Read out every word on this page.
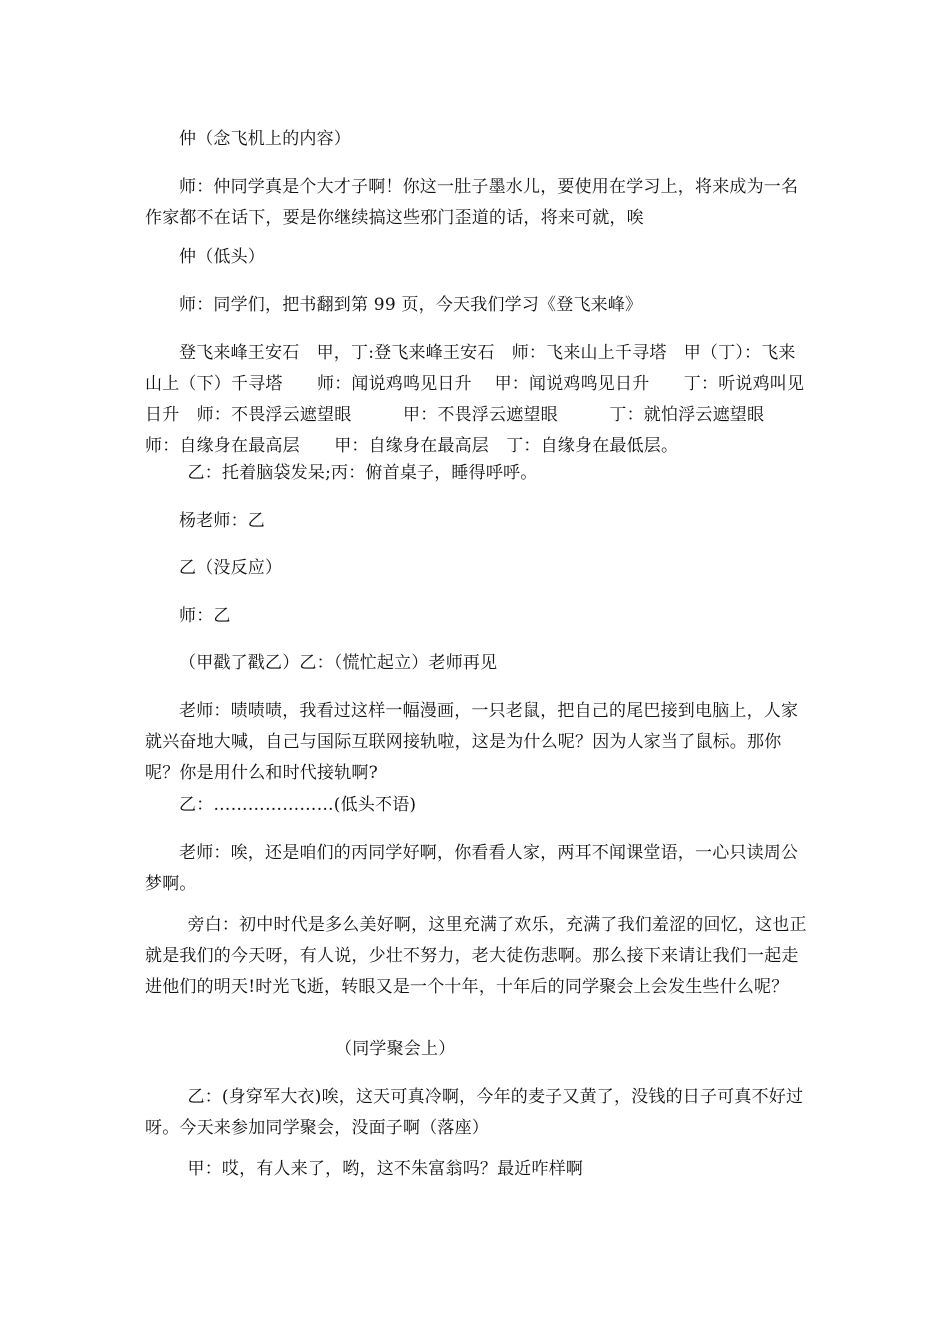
仲（念飞机上的内容）

师：仲同学真是个大才子啊！你这一肚子墨水儿，要使用在学习上，将来成为一名作家都不在话下，要是你继续搞这些邪门歪道的话，将来可就，唉

仲（低头）

师：同学们，把书翻到第 99 页，今天我们学习《登飞来峰》

登飞来峰王安石　甲，丁:登飞来峰王安石　师：飞来山上千寻塔　甲（丁）：飞来山上（下）千寻塔　　师：闻说鸡鸣见日升　 甲：闻说鸡鸣见日升　　丁：听说鸡叫见日升　师：不畏浮云遮望眼　　　甲：不畏浮云遮望眼　　　丁：就怕浮云遮望眼　　师：自缘身在最高层　　甲：自缘身在最高层　丁：自缘身在最低层。

乙：托着脑袋发呆;丙：俯首桌子，睡得呼呼。

杨老师：乙

乙（没反应）

师：乙

（甲戳了戳乙）乙：（慌忙起立）老师再见

老师：啧啧啧，我看过这样一幅漫画，一只老鼠，把自己的尾巴接到电脑上，人家就兴奋地大喊，自己与国际互联网接轨啦，这是为什么呢？因为人家当了鼠标。那你呢？你是用什么和时代接轨啊?

乙：…………………(低头不语)

老师：唉，还是咱们的丙同学好啊，你看看人家，两耳不闻课堂语，一心只读周公梦啊。

旁白：初中时代是多么美好啊，这里充满了欢乐，充满了我们羞涩的回忆，这也正就是我们的今天呀，有人说，少壮不努力，老大徒伤悲啊。那么接下来请让我们一起走进他们的明天!时光飞逝，转眼又是一个十年，十年后的同学聚会上会发生些什么呢？

（同学聚会上）

乙：(身穿军大衣)唉，这天可真冷啊，今年的麦子又黄了，没钱的日子可真不好过呀。今天来参加同学聚会，没面子啊（落座）

甲：哎，有人来了，哟，这不朱富翁吗？最近咋样啊
